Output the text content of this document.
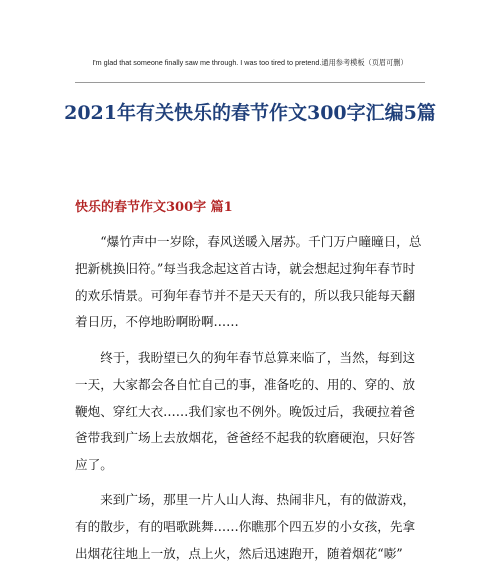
I'm glad that someone finally saw me through. I was too tired to pretend.通用参考模板（页眉可删）
2021年有关快乐的春节作文300字汇编5篇
快乐的春节作文300字 篇1

“爆竹声中一岁除，春风送暖入屠苏。千门万户曈曈日，总把新桃换旧符。”每当我念起这首古诗，就会想起过狗年春节时的欢乐情景。可狗年春节并不是天天有的，所以我只能每天翻着日历，不停地盼啊盼啊……

终于，我盼望已久的狗年春节总算来临了，当然，每到这一天，大家都会各自忙自己的事，准备吃的、用的、穿的、放鞭炮、穿红大衣……我们家也不例外。晚饭过后，我硬拉着爸爸带我到广场上去放烟花，爸爸经不起我的软磨硬泡，只好答应了。

来到广场，那里一片人山人海、热闹非凡，有的做游戏，有的散步，有的唱歌跳舞……你瞧那个四五岁的小女孩，先拿出烟花往地上一放，点上火，然后迅速跑开，随着烟花“嘭”
